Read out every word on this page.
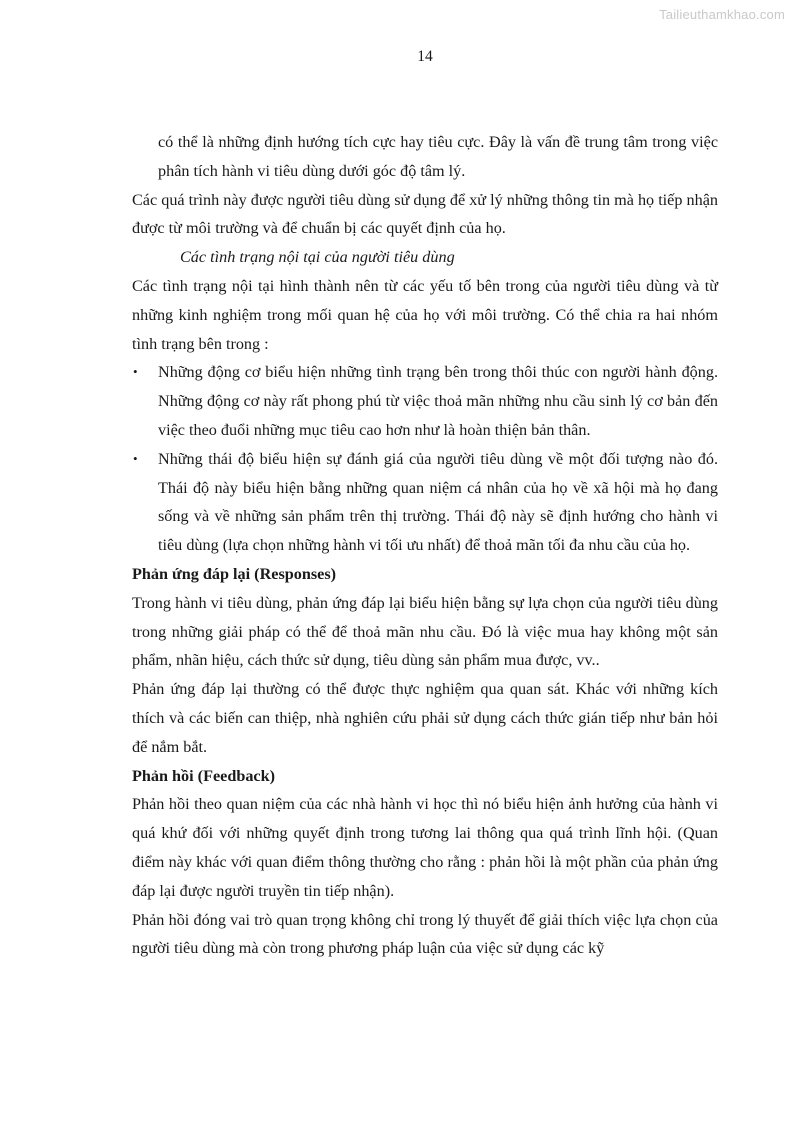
Tailieuthamkhao.com
14

có thể là những định hướng tích cực hay tiêu cực. Đây là vấn đề trung tâm trong việc phân tích hành vi tiêu dùng dưới góc độ tâm lý.

Các quá trình này được người tiêu dùng sử dụng để xử lý những thông tin mà họ tiếp nhận được từ môi trường và để chuẩn bị các quyết định của họ.

Các tình trạng nội tại của người tiêu dùng

Các tình trạng nội tại hình thành nên từ các yếu tố bên trong của người tiêu dùng và từ những kinh nghiệm trong mối quan hệ của họ với môi trường. Có thể chia ra hai nhóm tình trạng bên trong :

• Những động cơ biểu hiện những tình trạng bên trong thôi thúc con người hành động. Những động cơ này rất phong phú từ việc thoả mãn những nhu cầu sinh lý cơ bản đến việc theo đuổi những mục tiêu cao hơn như là hoàn thiện bản thân.
• Những thái độ biểu hiện sự đánh giá của người tiêu dùng về một đối tượng nào đó. Thái độ này biểu hiện bằng những quan niệm cá nhân của họ về xã hội mà họ đang sống và về những sản phẩm trên thị trường. Thái độ này sẽ định hướng cho hành vi tiêu dùng (lựa chọn những hành vi tối ưu nhất) để thoả mãn tối đa nhu cầu của họ.

Phản ứng đáp lại (Responses)

Trong hành vi tiêu dùng, phản ứng đáp lại biểu hiện bằng sự lựa chọn của người tiêu dùng trong những giải pháp có thể để thoả mãn nhu cầu. Đó là việc mua hay không một sản phẩm, nhãn hiệu, cách thức sử dụng, tiêu dùng sản phẩm mua được, vv..

Phản ứng đáp lại thường có thể được thực nghiệm qua quan sát. Khác với những kích thích và các biến can thiệp, nhà nghiên cứu phải sử dụng cách thức gián tiếp như bản hỏi để nắm bắt.

Phản hồi (Feedback)

Phản hồi theo quan niệm của các nhà hành vi học thì nó biểu hiện ảnh hưởng của hành vi quá khứ đối với những quyết định trong tương lai thông qua quá trình lĩnh hội. (Quan điểm này khác với quan điểm thông thường cho rằng : phản hồi là một phần của phản ứng đáp lại được người truyền tin tiếp nhận).

Phản hồi đóng vai trò quan trọng không chỉ trong lý thuyết để giải thích việc lựa chọn của người tiêu dùng mà còn trong phương pháp luận của việc sử dụng các kỹ
